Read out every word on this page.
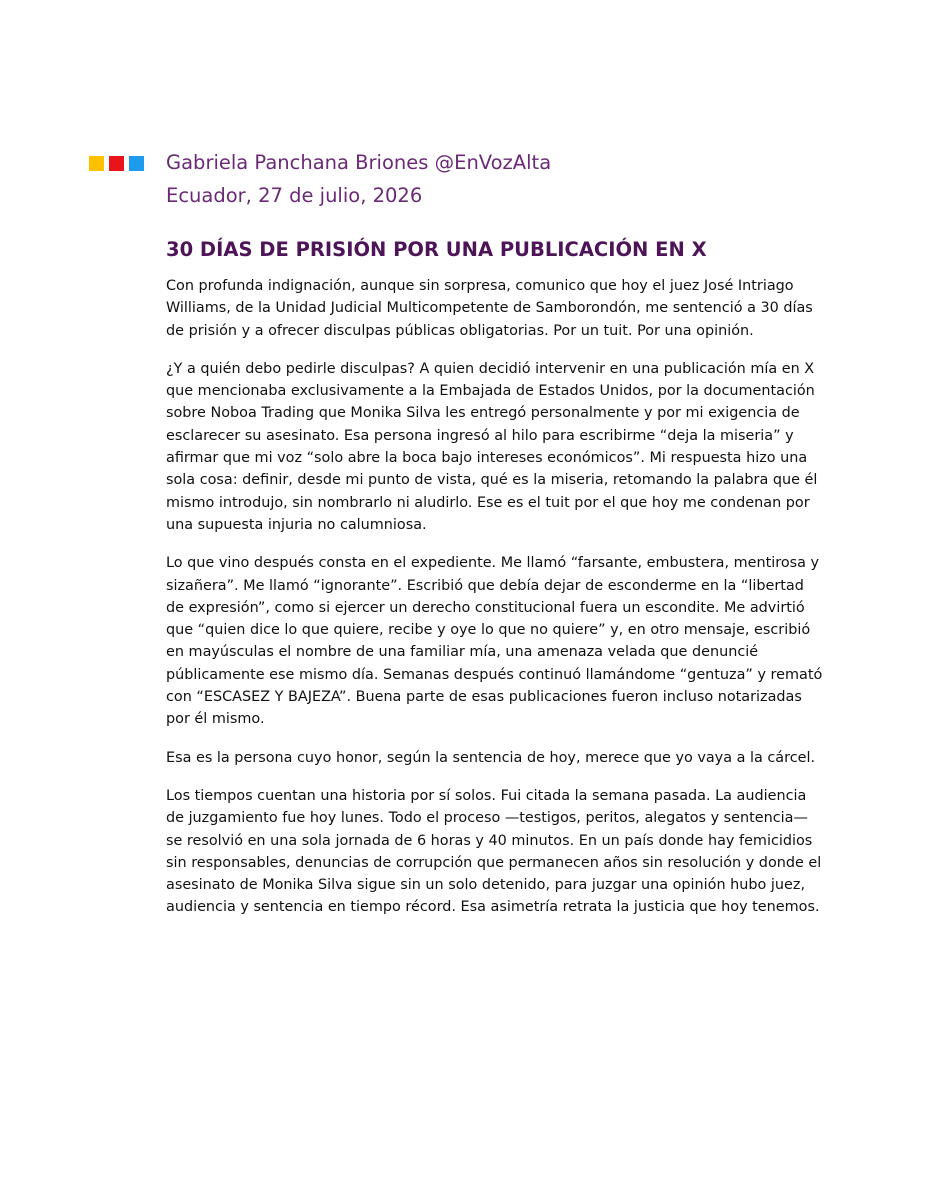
Gabriela Panchana Briones @EnVozAlta
Ecuador, 27 de julio, 2026
30 DÍAS DE PRISIÓN POR UNA PUBLICACIÓN EN X

Con profunda indignación, aunque sin sorpresa, comunico que hoy el juez José Intriago Williams, de la Unidad Judicial Multicompetente de Samborondón, me sentenció a 30 días de prisión y a ofrecer disculpas públicas obligatorias. Por un tuit. Por una opinión.

¿Y a quién debo pedirle disculpas? A quien decidió intervenir en una publicación mía en X que mencionaba exclusivamente a la Embajada de Estados Unidos, por la documentación sobre Noboa Trading que Monika Silva les entregó personalmente y por mi exigencia de esclarecer su asesinato. Esa persona ingresó al hilo para escribirme “deja la miseria” y afirmar que mi voz “solo abre la boca bajo intereses económicos”. Mi respuesta hizo una sola cosa: definir, desde mi punto de vista, qué es la miseria, retomando la palabra que él mismo introdujo, sin nombrarlo ni aludirlo. Ese es el tuit por el que hoy me condenan por una supuesta injuria no calumniosa.

Lo que vino después consta en el expediente. Me llamó “farsante, embustera, mentirosa y sizañera”. Me llamó “ignorante”. Escribió que debía dejar de esconderme en la “libertad de expresión”, como si ejercer un derecho constitucional fuera un escondite. Me advirtió que “quien dice lo que quiere, recibe y oye lo que no quiere” y, en otro mensaje, escribió en mayúsculas el nombre de una familiar mía, una amenaza velada que denuncié públicamente ese mismo día. Semanas después continuó llamándome “gentuza” y remató con “ESCASEZ Y BAJEZA”. Buena parte de esas publicaciones fueron incluso notarizadas por él mismo.

Esa es la persona cuyo honor, según la sentencia de hoy, merece que yo vaya a la cárcel.

Los tiempos cuentan una historia por sí solos. Fui citada la semana pasada. La audiencia de juzgamiento fue hoy lunes. Todo el proceso —testigos, peritos, alegatos y sentencia— se resolvió en una sola jornada de 6 horas y 40 minutos. En un país donde hay femicidios sin responsables, denuncias de corrupción que permanecen años sin resolución y donde el asesinato de Monika Silva sigue sin un solo detenido, para juzgar una opinión hubo juez, audiencia y sentencia en tiempo récord. Esa asimetría retrata la justicia que hoy tenemos.
